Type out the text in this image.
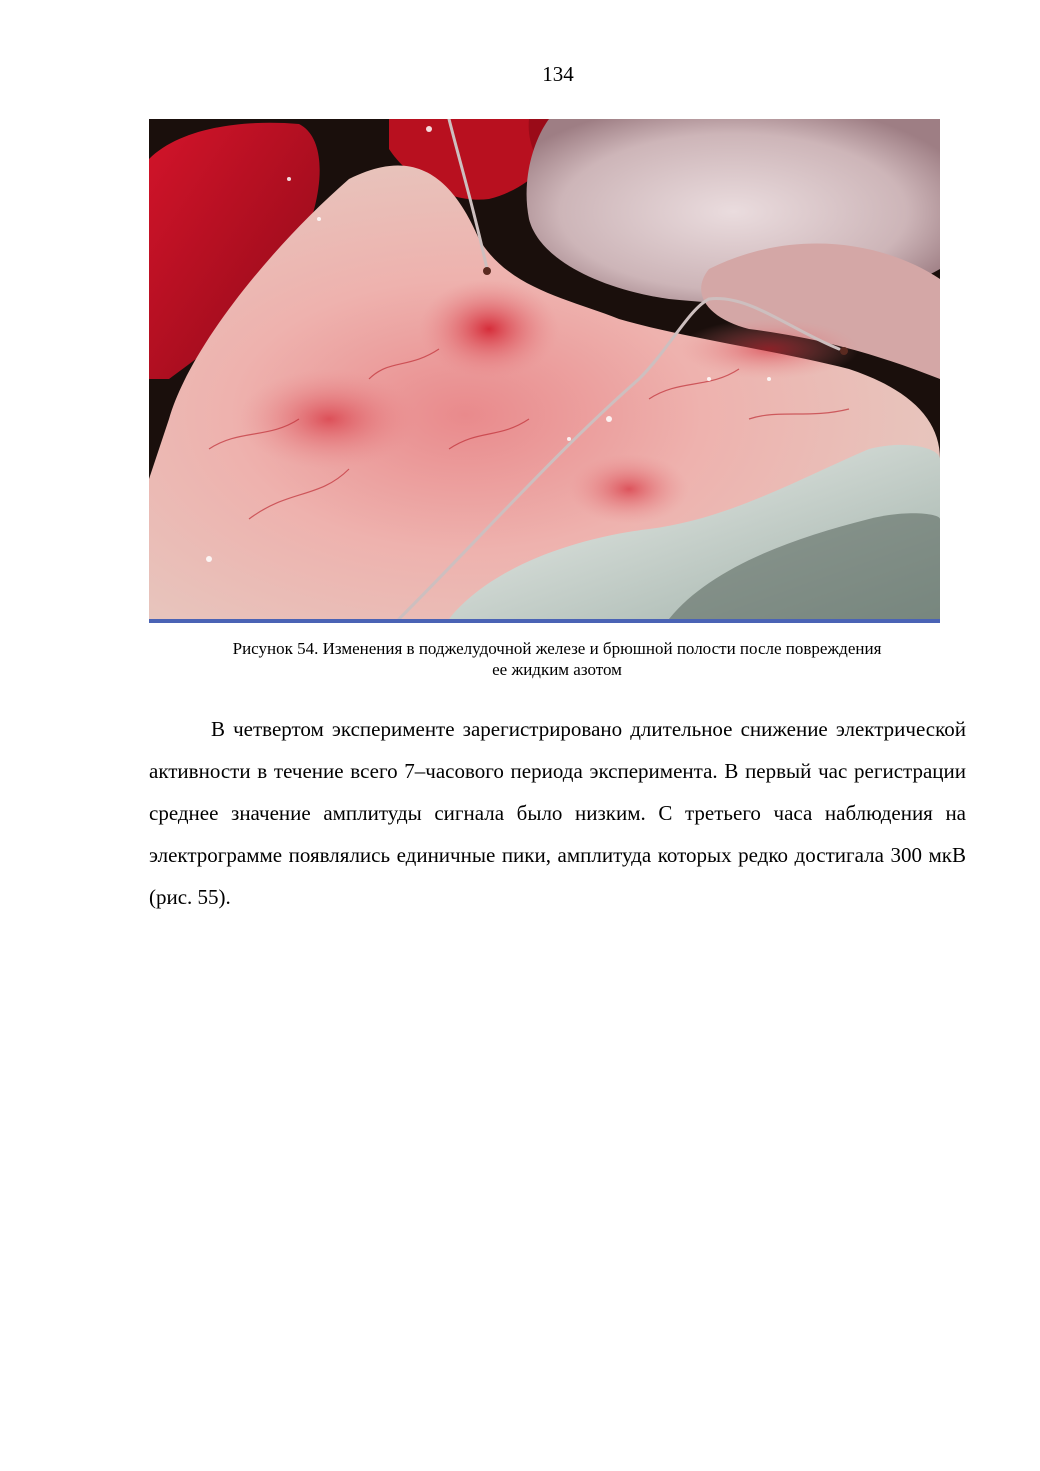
134
Рисунок 54. Изменения в поджелудочной железе и брюшной полости после повреждения
ее жидким азотом

В четвертом эксперименте зарегистрировано длительное снижение электрической активности в течение всего 7–часового периода эксперимента. В первый час регистрации среднее значение амплитуды сигнала было низким. С третьего часа наблюдения на электрограмме появлялись единичные пики, амплитуда которых редко достигала 300 мкВ (рис. 55).
